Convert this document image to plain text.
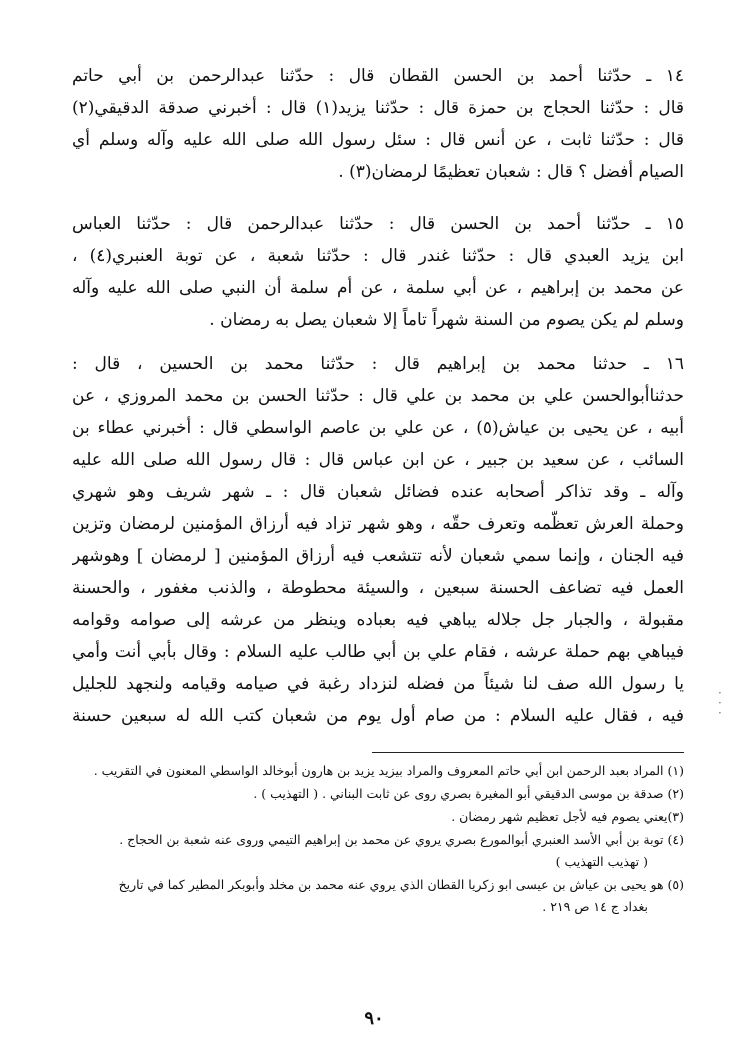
١٤ ـ حدّثنا أحمد بن الحسن القطان قال : حدّثنا عبدالرحمن بن أبي حاتم
قال : حدّثنا الحجاج بن حمزة قال : حدّثنا يزيد(١) قال : أخبرني صدقة الدقيقي(٢)
قال : حدّثنا ثابت ، عن أنس قال : سئل رسول الله صلى الله عليه وآله وسلم أي
الصيام أفضل ؟ قال : شعبان تعظيمًا لرمضان(٣) .
١٥ ـ حدّثنا أحمد بن الحسن قال : حدّثنا عبدالرحمن قال : حدّثنا العباس
ابن يزيد العبدي قال : حدّثنا غندر قال : حدّثنا شعبة ، عن توبة العنبري(٤) ،
عن محمد بن إبراهيم ، عن أبي سلمة ، عن أم سلمة أن النبي صلى الله عليه وآله
وسلم لم يكن يصوم من السنة شهراً تاماً إلا شعبان يصل به رمضان .
١٦ ـ حدثنا محمد بن إبراهيم قال : حدّثنا محمد بن الحسين ، قال :
حدثناأبوالحسن علي بن محمد بن علي قال : حدّثنا الحسن بن محمد المروزي ، عن
أبيه ، عن يحيى بن عياش(٥) ، عن علي بن عاصم الواسطي قال : أخبرني عطاء بن
السائب ، عن سعيد بن جبير ، عن ابن عباس قال : قال رسول الله صلى الله عليه
وآله ـ وقد تذاكر أصحابه عنده فضائل شعبان قال : ـ شهر شريف وهو شهري
وحملة العرش تعظّمه وتعرف حقّه ، وهو شهر تزاد فيه أرزاق المؤمنين لرمضان وتزين
فيه الجنان ، وإنما سمي شعبان لأنه تتشعب فيه أرزاق المؤمنين [ لرمضان ] وهوشهر
العمل فيه تضاعف الحسنة سبعين ، والسيئة محطوطة ، والذنب مغفور ، والحسنة
مقبولة ، والجبار جل جلاله يباهي فيه بعباده وينظر من عرشه إلى صوامه وقوامه
فيباهي بهم حملة عرشه ، فقام علي بن أبي طالب عليه السلام : وقال بأبي أنت وأمي
يا رسول الله صف لنا شيئاً من فضله لنزداد رغبة في صيامه وقيامه ولنجهد للجليل
فيه ، فقال عليه السلام : من صام أول يوم من شعبان كتب الله له سبعين حسنة
·
·
·
(١) المراد بعبد الرحمن ابن أبي حاتم المعروف والمراد بيزيد يزيد بن هارون أبوخالد الواسطي المعنون في التقريب .
(٢) صدقة بن موسى الدقيقي أبو المغيرة بصري روى عن ثابت البناني . ( التهذيب ) .
(٣)يعني يصوم فيه لأجل تعظيم شهر رمضان .
(٤) توبة بن أبي الأسد العنبري أبوالمورع بصري يروي عن محمد بن إبراهيم التيمي وروى عنه شعبة بن الحجاج .
( تهذيب التهذيب )
(٥) هو يحيى بن عياش بن عيسى ابو زكريا القطان الذي يروي عنه محمد بن مخلد وأبوبكر المطير كما في تاريخ
بغداد ج ١٤ ص ٢١٩ .
٩٠
